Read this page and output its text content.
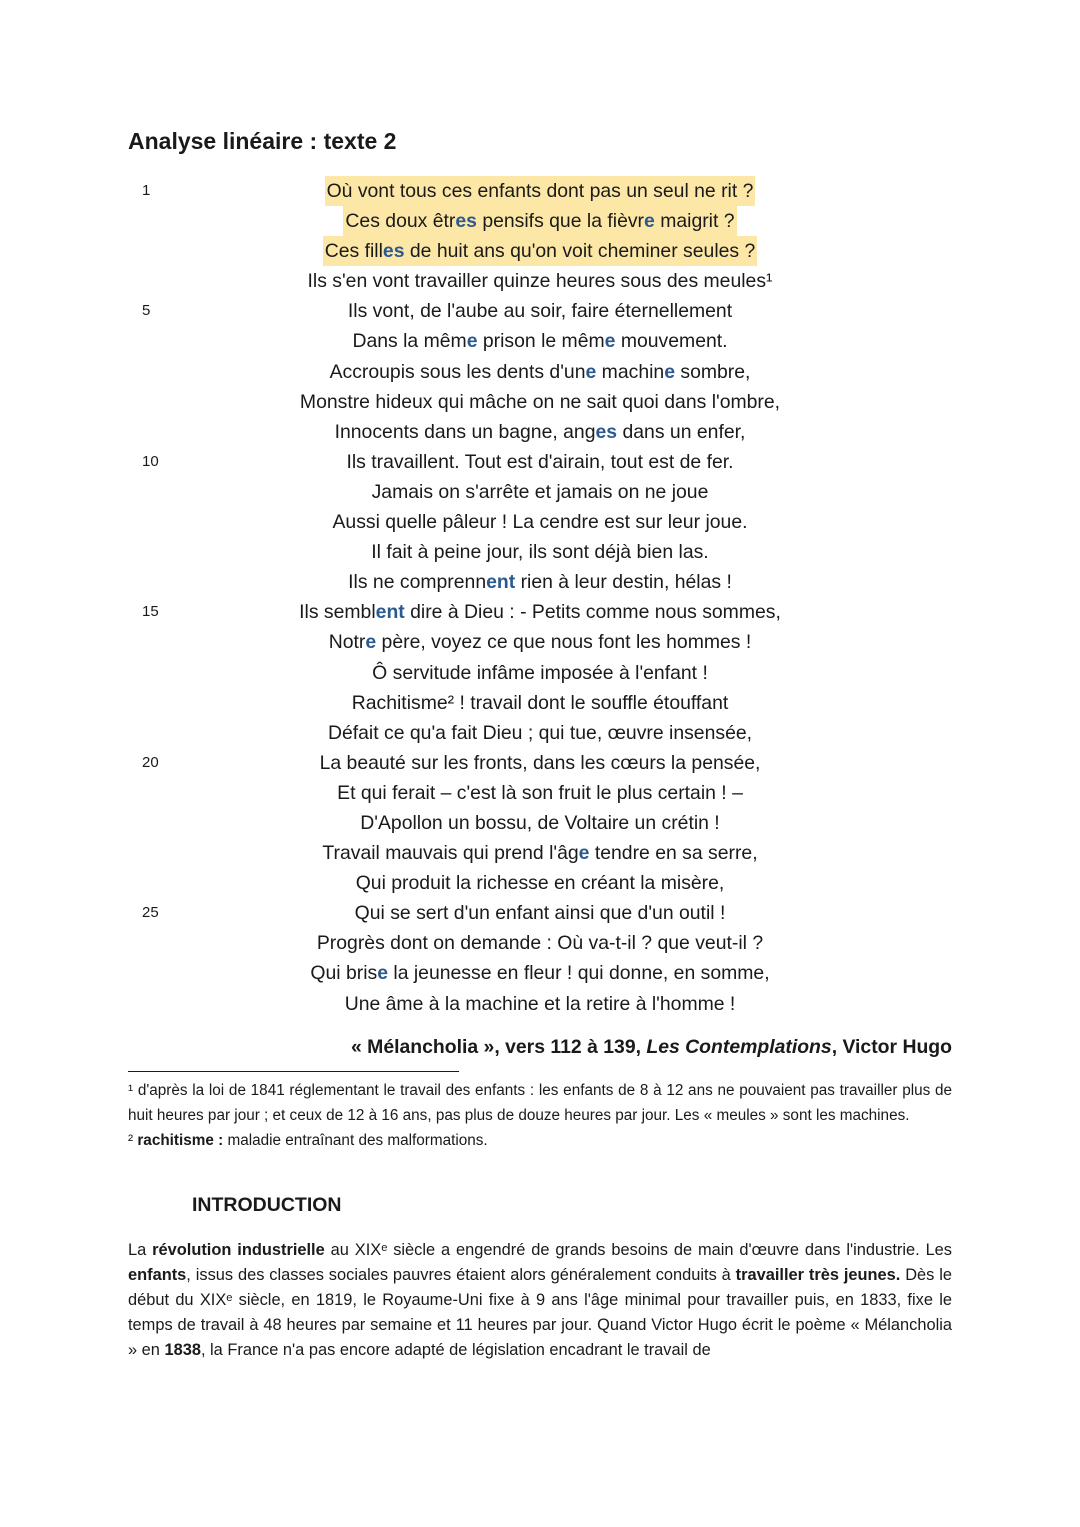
Analyse linéaire : texte 2
1	Où vont tous ces enfants dont pas un seul ne rit ?
Ces doux êtres pensifs que la fièvre maigrit ?
Ces filles de huit ans qu'on voit cheminer seules ?
Ils s'en vont travailler quinze heures sous des meules¹
5	Ils vont, de l'aube au soir, faire éternellement
Dans la même prison le même mouvement.
Accroupis sous les dents d'une machine sombre,
Monstre hideux qui mâche on ne sait quoi dans l'ombre,
Innocents dans un bagne, anges dans un enfer,
10	Ils travaillent. Tout est d'airain, tout est de fer.
Jamais on s'arrête et jamais on ne joue
Aussi quelle pâleur ! La cendre est sur leur joue.
Il fait à peine jour, ils sont déjà bien las.
Ils ne comprennent rien à leur destin, hélas !
15	Ils semblent dire à Dieu : - Petits comme nous sommes,
Notre père, voyez ce que nous font les hommes !
Ô servitude infâme imposée à l'enfant !
Rachitisme² ! travail dont le souffle étouffant
Défait ce qu'a fait Dieu ; qui tue, œuvre insensée,
20	La beauté sur les fronts, dans les cœurs la pensée,
Et qui ferait – c'est là son fruit le plus certain ! –
D'Apollon un bossu, de Voltaire un crétin !
Travail mauvais qui prend l'âge tendre en sa serre,
Qui produit la richesse en créant la misère,
25	Qui se sert d'un enfant ainsi que d'un outil !
Progrès dont on demande : Où va-t-il ? que veut-il ?
Qui brise la jeunesse en fleur ! qui donne, en somme,
Une âme à la machine et la retire à l'homme !
« Mélancholia », vers 112 à 139, Les Contemplations, Victor Hugo

¹ d'après la loi de 1841 réglementant le travail des enfants : les enfants de 8 à 12 ans ne pouvaient pas travailler plus de huit heures par jour ; et ceux de 12 à 16 ans, pas plus de douze heures par jour. Les « meules » sont les machines.

² rachitisme : maladie entraînant des malformations.

INTRODUCTION

La révolution industrielle au XIXᵉ siècle a engendré de grands besoins de main d'œuvre dans l'industrie. Les enfants, issus des classes sociales pauvres étaient alors généralement conduits à travailler très jeunes. Dès le début du XIXᵉ siècle, en 1819, le Royaume-Uni fixe à 9 ans l'âge minimal pour travailler puis, en 1833, fixe le temps de travail à 48 heures par semaine et 11 heures par jour. Quand Victor Hugo écrit le poème « Mélancholia » en 1838, la France n'a pas encore adapté de législation encadrant le travail de
